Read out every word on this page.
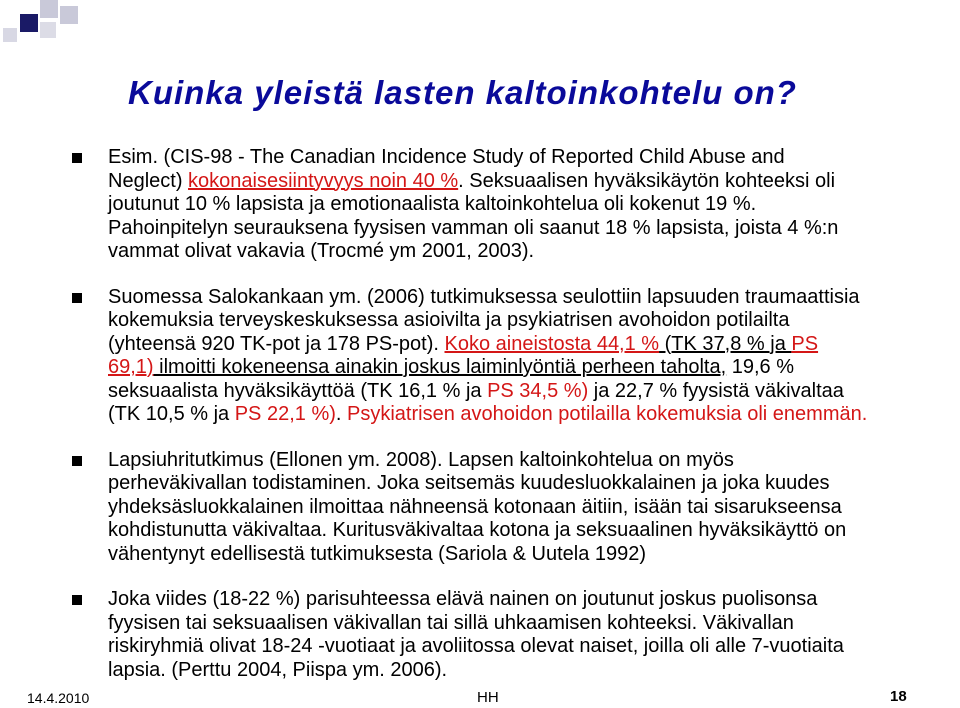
Kuinka yleistä lasten kaltoinkohtelu on?
Esim. (CIS-98 - The Canadian Incidence Study of Reported Child Abuse and
Neglect) kokonaisesiintyvyys noin 40 %. Seksuaalisen hyväksikäytön kohteeksi oli
joutunut 10 % lapsista ja emotionaalista kaltoinkohtelua oli kokenut 19 %.
Pahoinpitelyn seurauksena fyysisen vamman oli saanut 18 % lapsista, joista 4 %:n
vammat olivat vakavia (Trocmé ym 2001, 2003).
Suomessa Salokankaan ym. (2006) tutkimuksessa seulottiin lapsuuden traumaattisia
kokemuksia terveyskeskuksessa asioivilta ja psykiatrisen avohoidon potilailta
(yhteensä 920 TK-pot ja 178 PS-pot). Koko aineistosta 44,1 % (TK 37,8 % ja PS
69,1) ilmoitti kokeneensa ainakin joskus laiminlyöntiä perheen taholta, 19,6 %
seksuaalista hyväksikäyttöä (TK 16,1 % ja PS 34,5 %) ja 22,7 % fyysistä väkivaltaa
(TK 10,5 % ja PS 22,1 %). Psykiatrisen avohoidon potilailla kokemuksia oli enemmän.
Lapsiuhritutkimus (Ellonen ym. 2008). Lapsen kaltoinkohtelua on myös
perheväkivallan todistaminen. Joka seitsemäs kuudesluokkalainen ja joka kuudes
yhdeksäsluokkalainen ilmoittaa nähneensä kotonaan äitiin, isään tai sisarukseensa
kohdistunutta väkivaltaa. Kuritusväkivaltaa kotona ja seksuaalinen hyväksikäyttö on
vähentynyt edellisestä tutkimuksesta (Sariola & Uutela 1992)
Joka viides (18-22 %) parisuhteessa elävä nainen on joutunut joskus puolisonsa
fyysisen tai seksuaalisen väkivallan tai sillä uhkaamisen kohteeksi. Väkivallan
riskiryhmiä olivat 18-24 -vuotiaat ja avoliitossa olevat naiset, joilla oli alle 7-vuotiaita
lapsia. (Perttu 2004, Piispa ym. 2006).
14.4.2010	HH	18
